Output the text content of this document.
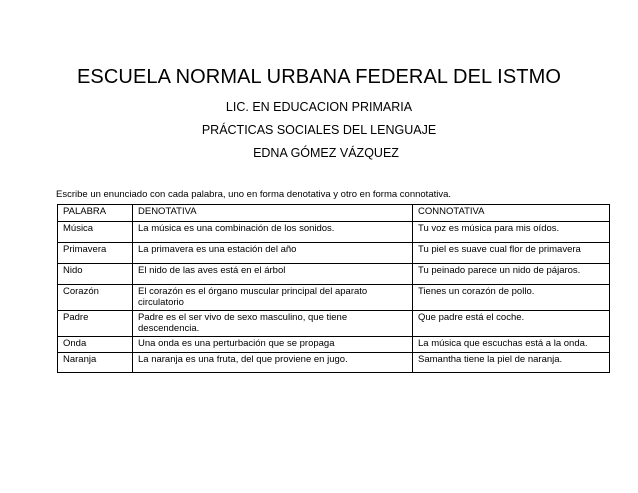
ESCUELA NORMAL URBANA FEDERAL DEL ISTMO

LIC. EN EDUCACION PRIMARIA

PRÁCTICAS SOCIALES DEL LENGUAJE

EDNA GÓMEZ VÁZQUEZ

Escribe un enunciado con cada palabra, uno en forma denotativa y otro en forma connotativa.

PALABRA	DENOTATIVA	CONNOTATIVA
Música	La música es una combinación de los sonidos.	Tu voz es música para mis oídos.
Primavera	La primavera es una estación del año	Tu piel es suave cual flor de primavera
Nido	El nido de las aves está en el árbol	Tu peinado parece un nido de pájaros.
Corazón	El corazón es el órgano muscular principal del aparato circulatorio	Tienes un corazón de pollo.
Padre	Padre es el ser vivo de sexo masculino, que tiene descendencia.	Que padre está el coche.
Onda	Una onda es una perturbación que se propaga	La música que escuchas está a la onda.
Naranja	La naranja es una fruta, del que proviene en jugo.	Samantha tiene la piel de naranja.
